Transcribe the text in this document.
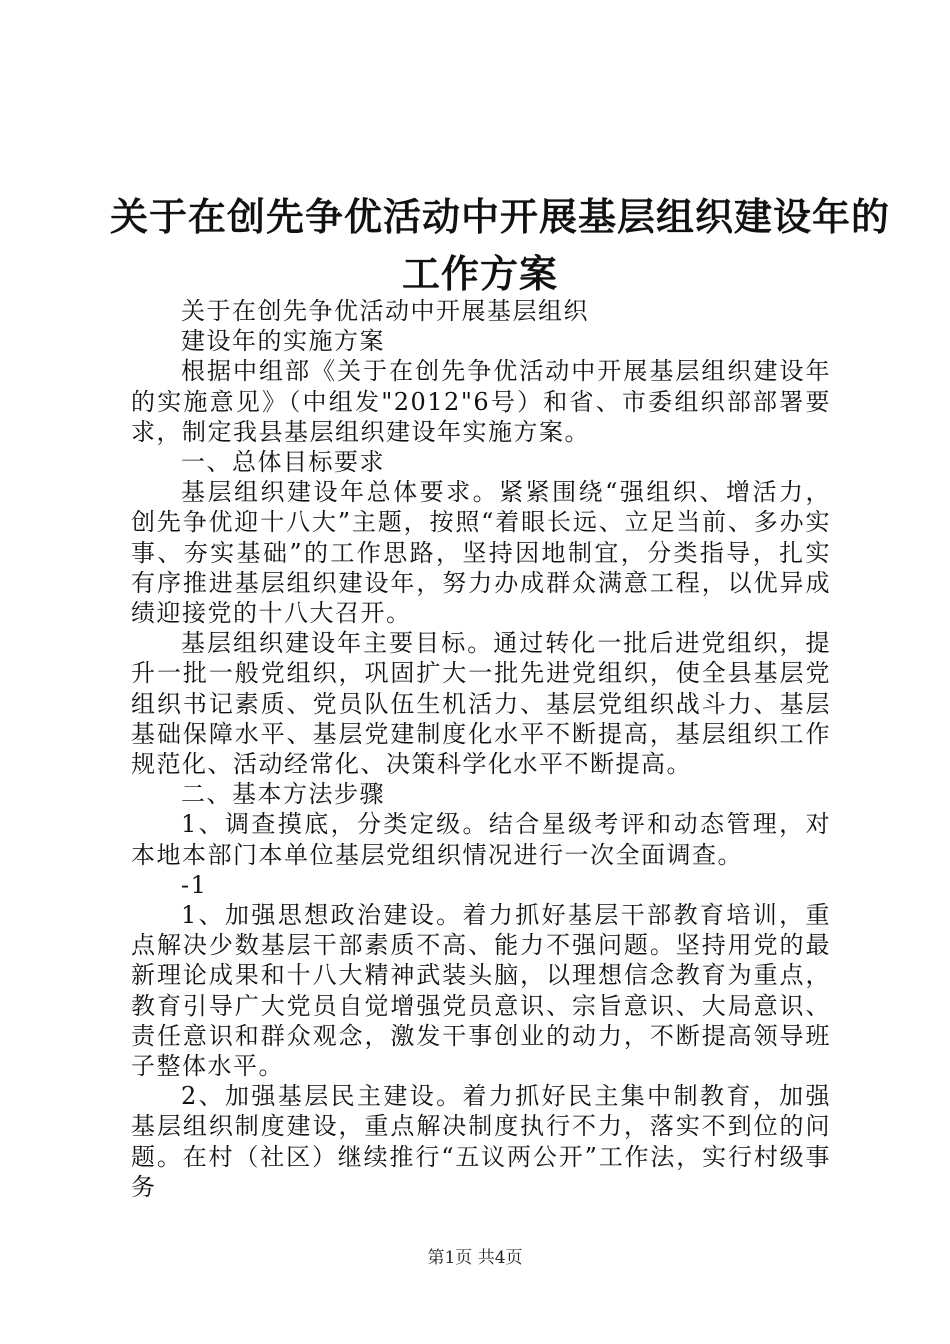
关于在创先争优活动中开展基层组织建设年的
工作方案

关于在创先争优活动中开展基层组织

建设年的实施方案

根据中组部《关于在创先争优活动中开展基层组织建设年的实施意见》（中组发"2012"6号）和省、市委组织部部署要求，制定我县基层组织建设年实施方案。

一、总体目标要求

基层组织建设年总体要求。紧紧围绕“强组织、增活力，创先争优迎十八大”主题，按照“着眼长远、立足当前、多办实事、夯实基础”的工作思路，坚持因地制宜，分类指导，扎实有序推进基层组织建设年，努力办成群众满意工程，以优异成绩迎接党的十八大召开。

基层组织建设年主要目标。通过转化一批后进党组织，提升一批一般党组织，巩固扩大一批先进党组织，使全县基层党组织书记素质、党员队伍生机活力、基层党组织战斗力、基层基础保障水平、基层党建制度化水平不断提高，基层组织工作规范化、活动经常化、决策科学化水平不断提高。

二、基本方法步骤

1、调查摸底，分类定级。结合星级考评和动态管理，对本地本部门本单位基层党组织情况进行一次全面调查。

-1

1、加强思想政治建设。着力抓好基层干部教育培训，重点解决少数基层干部素质不高、能力不强问题。坚持用党的最新理论成果和十八大精神武装头脑，以理想信念教育为重点，教育引导广大党员自觉增强党员意识、宗旨意识、大局意识、责任意识和群众观念，激发干事创业的动力，不断提高领导班子整体水平。

2、加强基层民主建设。着力抓好民主集中制教育，加强基层组织制度建设，重点解决制度执行不力，落实不到位的问题。在村（社区）继续推行“五议两公开”工作法，实行村级事务

第1页 共4页
